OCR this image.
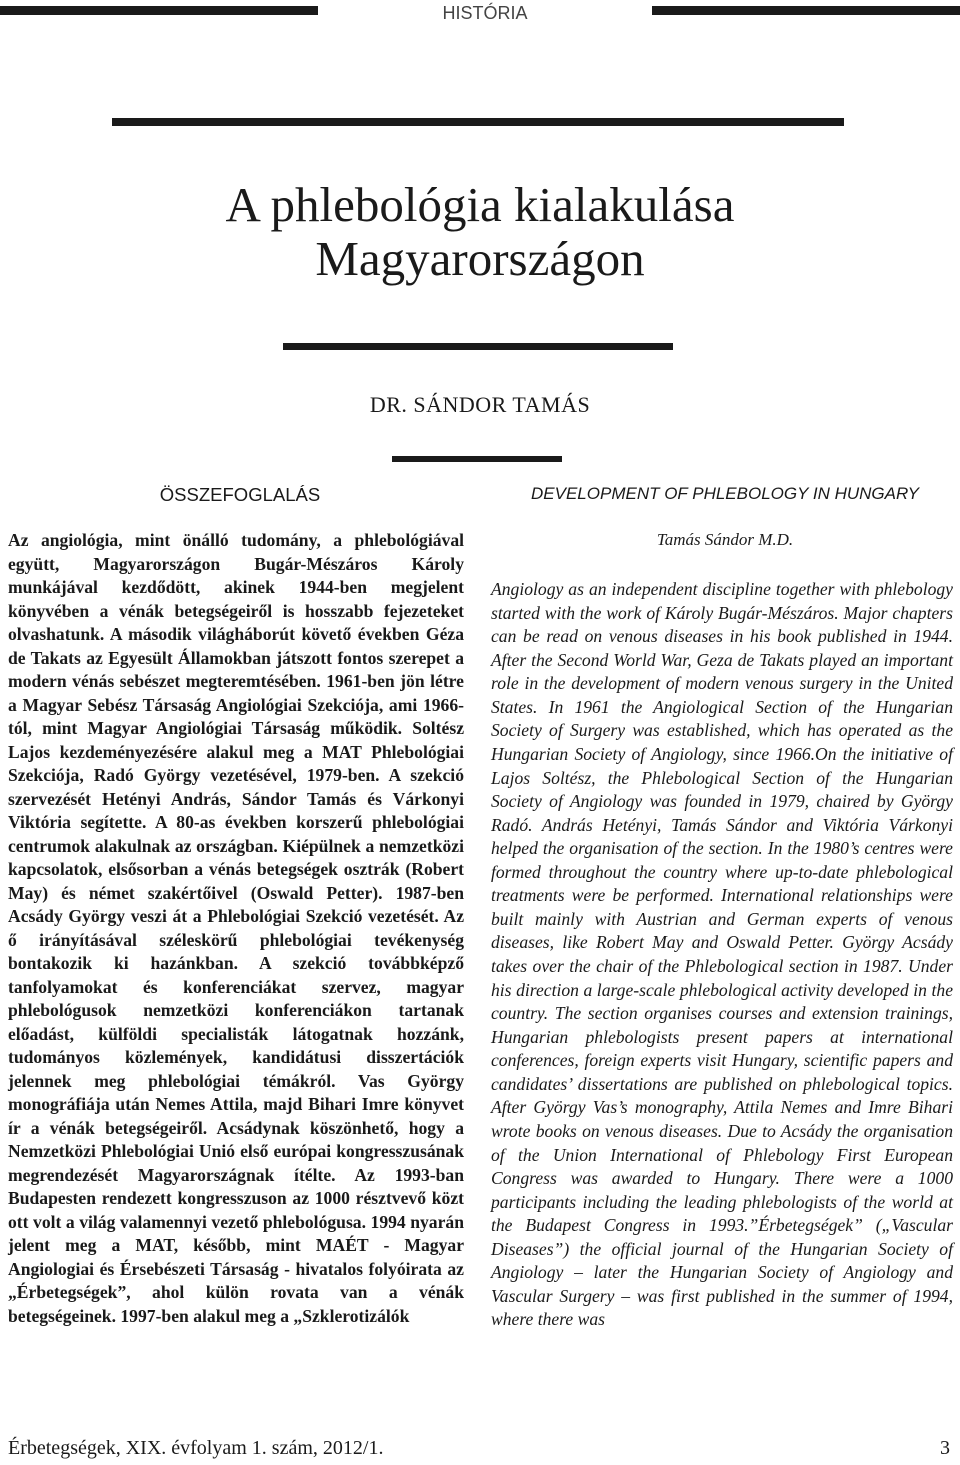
HISTÓRIA
A phlebológia kialakulása
Magyarországon
DR. SÁNDOR TAMÁS
ÖSSZEFOGLALÁS	DEVELOPMENT OF PHLEBOLOGY IN HUNGARY

Az angiológia, mint önálló tudomány, a phlebológiával együtt, Magyarországon Bugár-Mészáros Károly munkájával kezdődött, akinek 1944-ben megjelent könyvében a vénák betegségeiről is hosszabb fejezeteket olvashatunk. A második világháborút követő években Géza de Takats az Egyesült Államokban játszott fontos szerepet a modern vénás sebészet megteremtésében. 1961-ben jön létre a Magyar Sebész Társaság Angiológiai Szekciója, ami 1966-tól, mint Magyar Angiológiai Társaság működik. Soltész Lajos kezdeményezésére alakul meg a MAT Phlebológiai Szekciója, Radó György vezetésével, 1979-ben. A szekció szervezését Hetényi András, Sándor Tamás és Várkonyi Viktória segítette. A 80-as években korszerű phlebológiai centrumok alakulnak az országban. Kiépülnek a nemzetközi kapcsolatok, elsősorban a vénás betegségek osztrák (Robert May) és német szakértőivel (Oswald Petter). 1987-ben Acsády György veszi át a Phlebológiai Szekció vezetését. Az ő irányításával széleskörű phlebológiai tevékenység bontakozik ki hazánkban. A szekció továbbképző tanfolyamokat és konferenciákat szervez, magyar phlebológusok nemzetközi konferenciákon tartanak előadást, külföldi specialisták látogatnak hozzánk, tudományos közlemények, kandidátusi disszertációk jelennek meg phlebológiai témákról. Vas György monográfiája után Nemes Attila, majd Bihari Imre könyvet ír a vénák betegségeiről. Acsádynak köszönhető, hogy a Nemzetközi Phlebológiai Unió első európai kongresszusának megrendezését Magyarországnak ítélte. Az 1993-ban Budapesten rendezett kongresszuson az 1000 résztvevő közt ott volt a világ valamennyi vezető phlebológusa. 1994 nyarán jelent meg a MAT, később, mint MAÉT - Magyar Angiologiai és Érsebészeti Társaság - hivatalos folyóirata az „Érbetegségek”, ahol külön rovata van a vénák betegségeinek. 1997-ben alakul meg a „Szklerotizálók

Tamás Sándor M.D.

Angiology as an independent discipline together with phlebology started with the work of Károly Bugár-Mészáros. Major chapters can be read on venous diseases in his book published in 1944. After the Second World War, Geza de Takats played an important role in the development of modern venous surgery in the United States. In 1961 the Angiological Section of the Hungarian Society of Surgery was established, which has operated as the Hungarian Society of Angiology, since 1966.On the initiative of Lajos Soltész, the Phlebological Section of the Hungarian Society of Angiology was founded in 1979, chaired by György Radó. András Hetényi, Tamás Sándor and Viktória Várkonyi helped the organisation of the section. In the 1980’s centres were formed throughout the country where up-to-date phlebological treatments were be performed. International relationships were built mainly with Austrian and German experts of venous diseases, like Robert May and Oswald Petter. György Acsády takes over the chair of the Phlebological section in 1987. Under his direction a large-scale phlebological activity developed in the country. The section organises courses and extension trainings, Hungarian phlebologists present papers at international conferences, foreign experts visit Hungary, scientific papers and candidates’ dissertations are published on phlebological topics. After György Vas’s monography, Attila Nemes and Imre Bihari wrote books on venous diseases. Due to Acsády the organisation of the Union International of Phlebology First European Congress was awarded to Hungary. There were a 1000 participants including the leading phlebologists of the world at the Budapest Congress in 1993.”Érbetegségek” („Vascular Diseases”) the official journal of the Hungarian Society of Angiology – later the Hungarian Society of Angiology and Vascular Surgery – was first published in the summer of 1994, where there was

Érbetegségek, XIX. évfolyam 1. szám, 2012/1.	3
